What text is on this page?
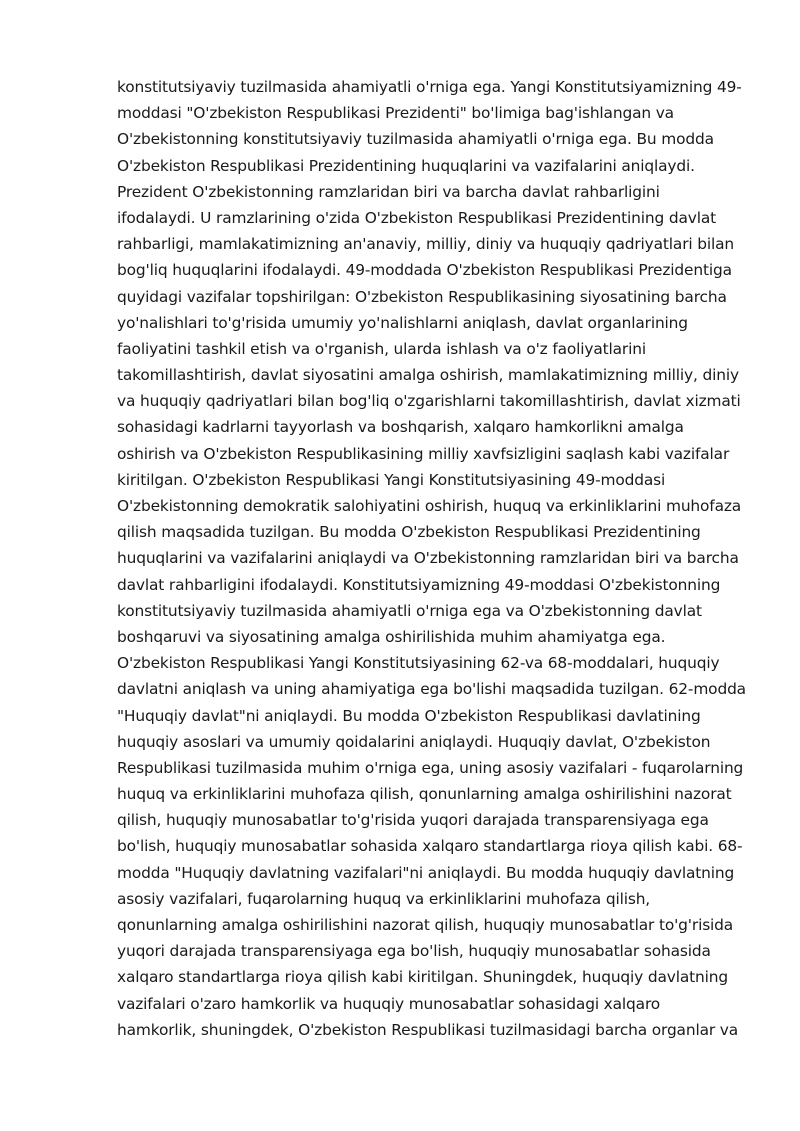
konstitutsiyaviy tuzilmasida ahamiyatli o'rniga ega. Yangi Konstitutsiyamizning 49-
moddasi "O'zbekiston Respublikasi Prezidenti" bo'limiga bag'ishlangan va
O'zbekistonning konstitutsiyaviy tuzilmasida ahamiyatli o'rniga ega. Bu modda
O'zbekiston Respublikasi Prezidentining huquqlarini va vazifalarini aniqlaydi.
Prezident O'zbekistonning ramzlaridan biri va barcha davlat rahbarligini
ifodalaydi. U ramzlarining o'zida O'zbekiston Respublikasi Prezidentining davlat
rahbarligi, mamlakatimizning an'anaviy, milliy, diniy va huquqiy qadriyatlari bilan
bog'liq huquqlarini ifodalaydi. 49-moddada O'zbekiston Respublikasi Prezidentiga
quyidagi vazifalar topshirilgan: O'zbekiston Respublikasining siyosatining barcha
yo'nalishlari to'g'risida umumiy yo'nalishlarni aniqlash, davlat organlarining
faoliyatini tashkil etish va o'rganish, ularda ishlash va o'z faoliyatlarini
takomillashtirish, davlat siyosatini amalga oshirish, mamlakatimizning milliy, diniy
va huquqiy qadriyatlari bilan bog'liq o'zgarishlarni takomillashtirish, davlat xizmati
sohasidagi kadrlarni tayyorlash va boshqarish, xalqaro hamkorlikni amalga
oshirish va O'zbekiston Respublikasining milliy xavfsizligini saqlash kabi vazifalar
kiritilgan. O'zbekiston Respublikasi Yangi Konstitutsiyasining 49-moddasi
O'zbekistonning demokratik salohiyatini oshirish, huquq va erkinliklarini muhofaza
qilish maqsadida tuzilgan. Bu modda O'zbekiston Respublikasi Prezidentining
huquqlarini va vazifalarini aniqlaydi va O'zbekistonning ramzlaridan biri va barcha
davlat rahbarligini ifodalaydi. Konstitutsiyamizning 49-moddasi O'zbekistonning
konstitutsiyaviy tuzilmasida ahamiyatli o'rniga ega va O'zbekistonning davlat
boshqaruvi va siyosatining amalga oshirilishida muhim ahamiyatga ega.
O'zbekiston Respublikasi Yangi Konstitutsiyasining 62-va 68-moddalari, huquqiy
davlatni aniqlash va uning ahamiyatiga ega bo'lishi maqsadida tuzilgan. 62-modda
"Huquqiy davlat"ni aniqlaydi. Bu modda O'zbekiston Respublikasi davlatining
huquqiy asoslari va umumiy qoidalarini aniqlaydi. Huquqiy davlat, O'zbekiston
Respublikasi tuzilmasida muhim o'rniga ega, uning asosiy vazifalari - fuqarolarning
huquq va erkinliklarini muhofaza qilish, qonunlarning amalga oshirilishini nazorat
qilish, huquqiy munosabatlar to'g'risida yuqori darajada transparensiyaga ega
bo'lish, huquqiy munosabatlar sohasida xalqaro standartlarga rioya qilish kabi. 68-
modda "Huquqiy davlatning vazifalari"ni aniqlaydi. Bu modda huquqiy davlatning
asosiy vazifalari, fuqarolarning huquq va erkinliklarini muhofaza qilish,
qonunlarning amalga oshirilishini nazorat qilish, huquqiy munosabatlar to'g'risida
yuqori darajada transparensiyaga ega bo'lish, huquqiy munosabatlar sohasida
xalqaro standartlarga rioya qilish kabi kiritilgan. Shuningdek, huquqiy davlatning
vazifalari o'zaro hamkorlik va huquqiy munosabatlar sohasidagi xalqaro
hamkorlik, shuningdek, O'zbekiston Respublikasi tuzilmasidagi barcha organlar va
